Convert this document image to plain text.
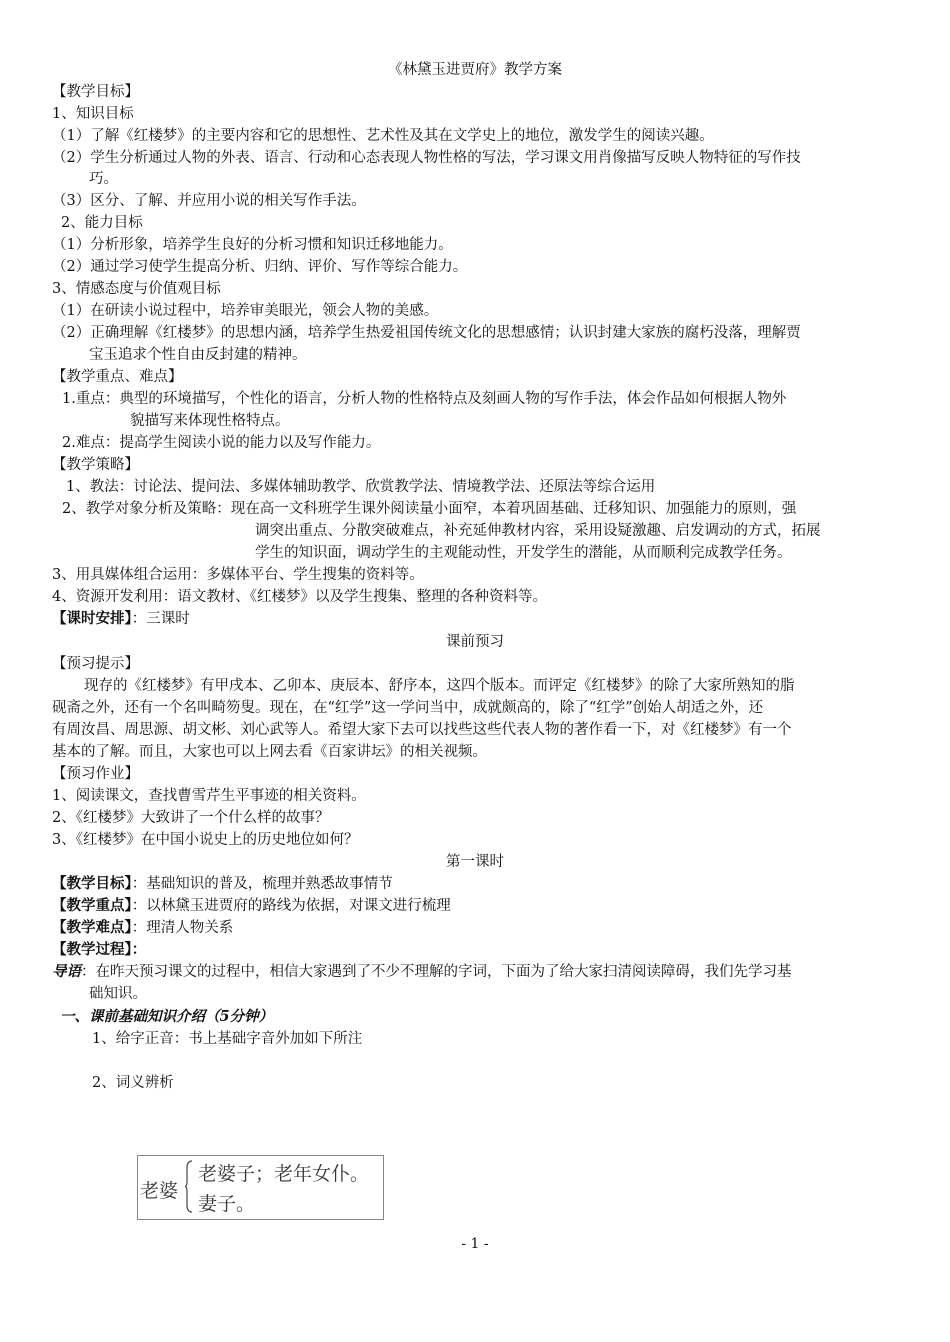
《林黛玉进贾府》教学方案
【教学目标】
1、知识目标
（1）了解《红楼梦》的主要内容和它的思想性、艺术性及其在文学史上的地位，激发学生的阅读兴趣。
（2）学生分析通过人物的外表、语言、行动和心态表现人物性格的写法，学习课文用肖像描写反映人物特征的写作技
巧。
（3）区分、了解、并应用小说的相关写作手法。
2、能力目标
（1）分析形象，培养学生良好的分析习惯和知识迁移地能力。
（2）通过学习使学生提高分析、归纳、评价、写作等综合能力。
3、情感态度与价值观目标
（1）在研读小说过程中，培养审美眼光，领会人物的美感。
（2）正确理解《红楼梦》的思想内涵，培养学生热爱祖国传统文化的思想感情；认识封建大家族的腐朽没落，理解贾
宝玉追求个性自由反封建的精神。
【教学重点、难点】
1.重点：典型的环境描写，个性化的语言，分析人物的性格特点及刻画人物的写作手法，体会作品如何根据人物外
貌描写来体现性格特点。
2.难点：提高学生阅读小说的能力以及写作能力。
【教学策略】
1、教法：讨论法、提问法、多媒体辅助教学、欣赏教学法、情境教学法、还原法等综合运用
2、教学对象分析及策略：现在高一文科班学生课外阅读量小面窄，本着巩固基础、迁移知识、加强能力的原则，强
调突出重点、分散突破难点，补充延伸教材内容，采用设疑激趣、启发调动的方式，拓展
学生的知识面，调动学生的主观能动性，开发学生的潜能，从而顺利完成教学任务。
3、用具媒体组合运用：多媒体平台、学生搜集的资料等。
4、资源开发利用：语文教材、《红楼梦》以及学生搜集、整理的各种资料等。
【课时安排】：三课时
课前预习
【预习提示】
现存的《红楼梦》有甲戌本、乙卯本、庚辰本、舒序本，这四个版本。而评定《红楼梦》的除了大家所熟知的脂
砚斋之外，还有一个名叫畸笏叟。现在，在“红学”这一学问当中，成就颇高的，除了“红学”创始人胡适之外，还
有周汝昌、周思源、胡文彬、刘心武等人。希望大家下去可以找些这些代表人物的著作看一下，对《红楼梦》有一个
基本的了解。而且，大家也可以上网去看《百家讲坛》的相关视频。
【预习作业】
1、阅读课文，查找曹雪芹生平事迹的相关资料。
2、《红楼梦》大致讲了一个什么样的故事？
3、《红楼梦》在中国小说史上的历史地位如何？
第一课时
【教学目标】：基础知识的普及，梳理并熟悉故事情节
【教学重点】：以林黛玉进贾府的路线为依据，对课文进行梳理
【教学难点】：理清人物关系
【教学过程】：
导语：在昨天预习课文的过程中，相信大家遇到了不少不理解的字词，下面为了给大家扫清阅读障碍，我们先学习基
础知识。
一、课前基础知识介绍（5分钟）
1、给字正音：书上基础字音外加如下所注
2、词义辨析
老婆
老婆子；老年女仆。
妻子。
- 1 -
